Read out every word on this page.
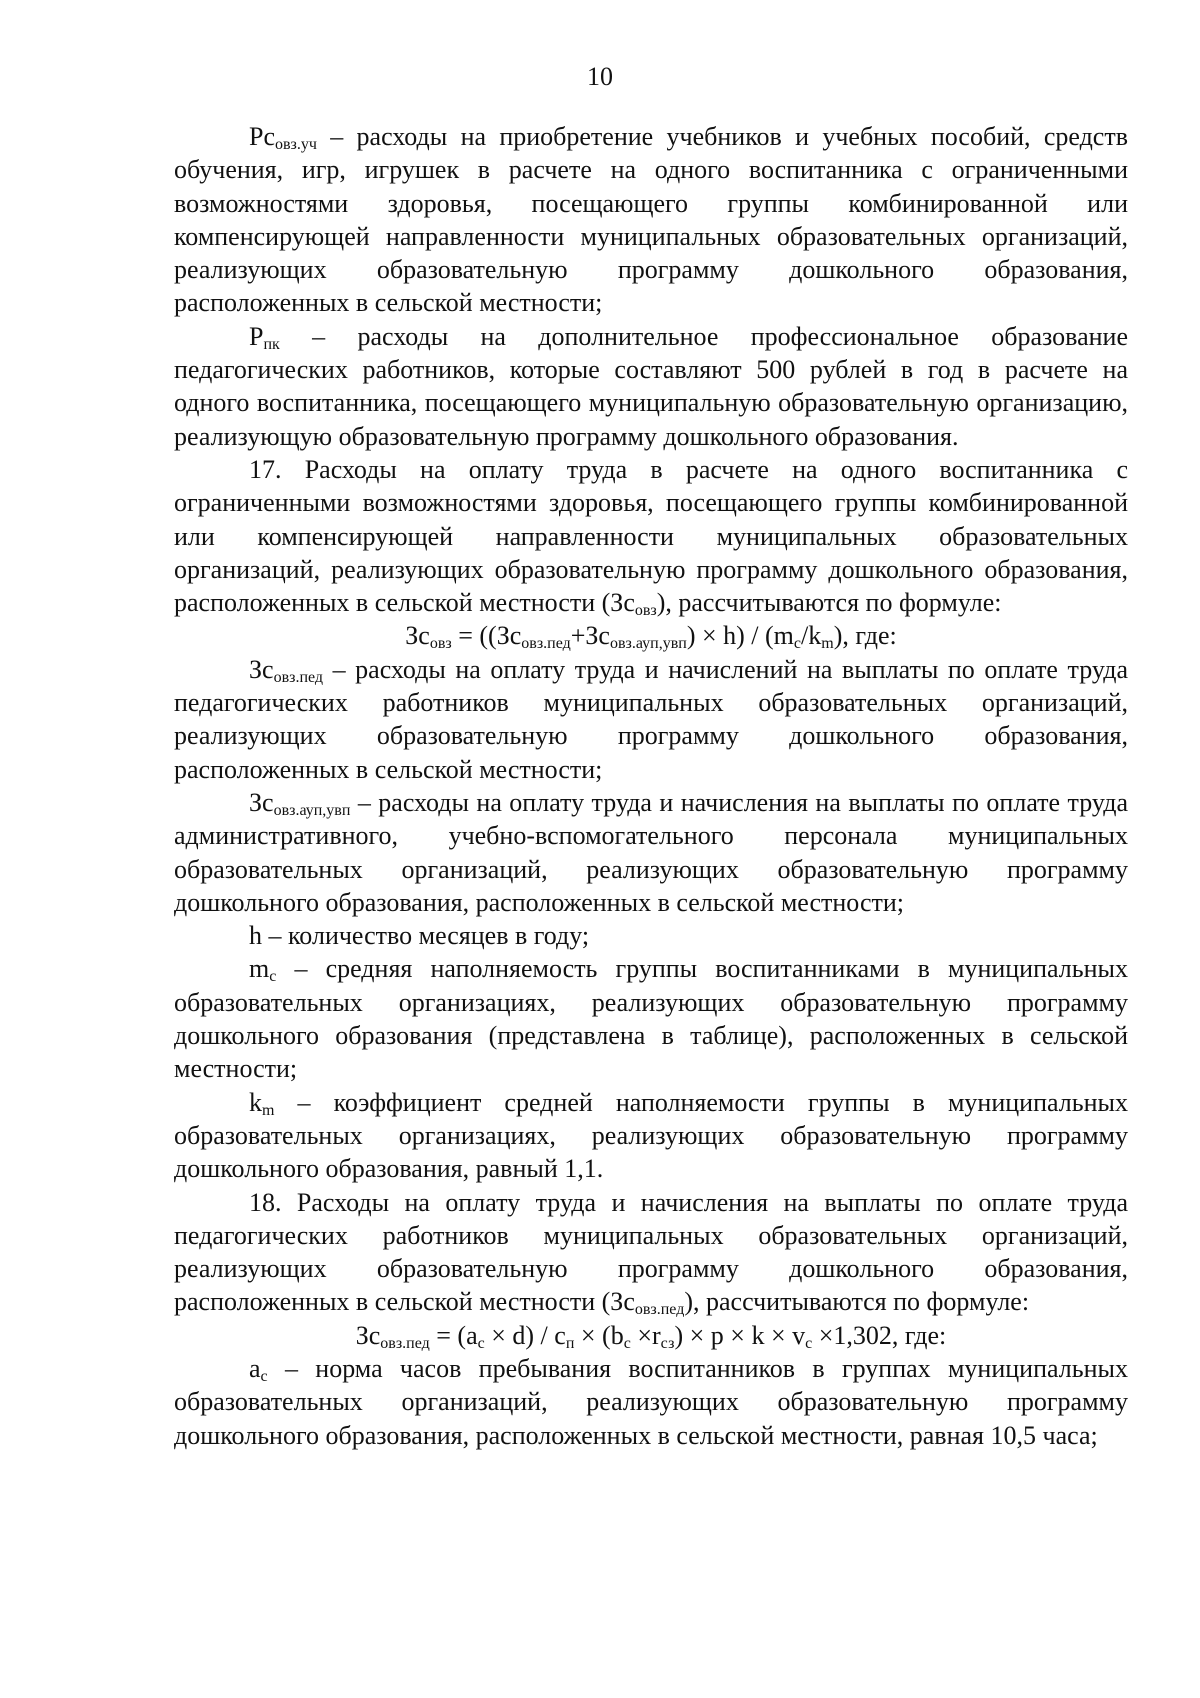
10

$Рс_{овз.уч}$ – расходы на приобретение учебников и учебных пособий, средств обучения, игр, игрушек в расчете на одного воспитанника с ограниченными возможностями здоровья, посещающего группы комбинированной или компенсирующей направленности муниципальных образовательных организаций, реализующих образовательную программу дошкольного образования, расположенных в сельской местности;

$Р_{пк}$ – расходы на дополнительное профессиональное образование педагогических работников, которые составляют 500 рублей в год в расчете на одного воспитанника, посещающего муниципальную образовательную организацию, реализующую образовательную программу дошкольного образования.

17. Расходы на оплату труда в расчете на одного воспитанника с ограниченными возможностями здоровья, посещающего группы комбинированной или компенсирующей направленности муниципальных образовательных организаций, реализующих образовательную программу дошкольного образования, расположенных в сельской местности $(Зс_{овз})$, рассчитываются по формуле:

$Зс_{овз} = ((Зс_{овз.пед}+Зс_{овз.ауп,увп}) \times h) / (m_c/k_m)$, где:

$Зс_{овз.пед}$ – расходы на оплату труда и начислений на выплаты по оплате труда педагогических работников муниципальных образовательных организаций, реализующих образовательную программу дошкольного образования, расположенных в сельской местности;

$Зс_{овз.ауп,увп}$ – расходы на оплату труда и начисления на выплаты по оплате труда административного, учебно-вспомогательного персонала муниципальных образовательных организаций, реализующих образовательную программу дошкольного образования, расположенных в сельской местности;

h – количество месяцев в году;

$m_c$ – средняя наполняемость группы воспитанниками в муниципальных образовательных организациях, реализующих образовательную программу дошкольного образования (представлена в таблице), расположенных в сельской местности;

$k_m$ – коэффициент средней наполняемости группы в муниципальных образовательных организациях, реализующих образовательную программу дошкольного образования, равный 1,1.

18. Расходы на оплату труда и начисления на выплаты по оплате труда педагогических работников муниципальных образовательных организаций, реализующих образовательную программу дошкольного образования, расположенных в сельской местности $(Зс_{овз.пед})$, рассчитываются по формуле:

$Зс_{овз.пед} = (a_c \times d) / c_п \times (b_c \times r_{сз}) \times p \times k \times v_c \times 1,302$, где:

$a_c$ – норма часов пребывания воспитанников в группах муниципальных образовательных организаций, реализующих образовательную программу дошкольного образования, расположенных в сельской местности, равная 10,5 часа;
